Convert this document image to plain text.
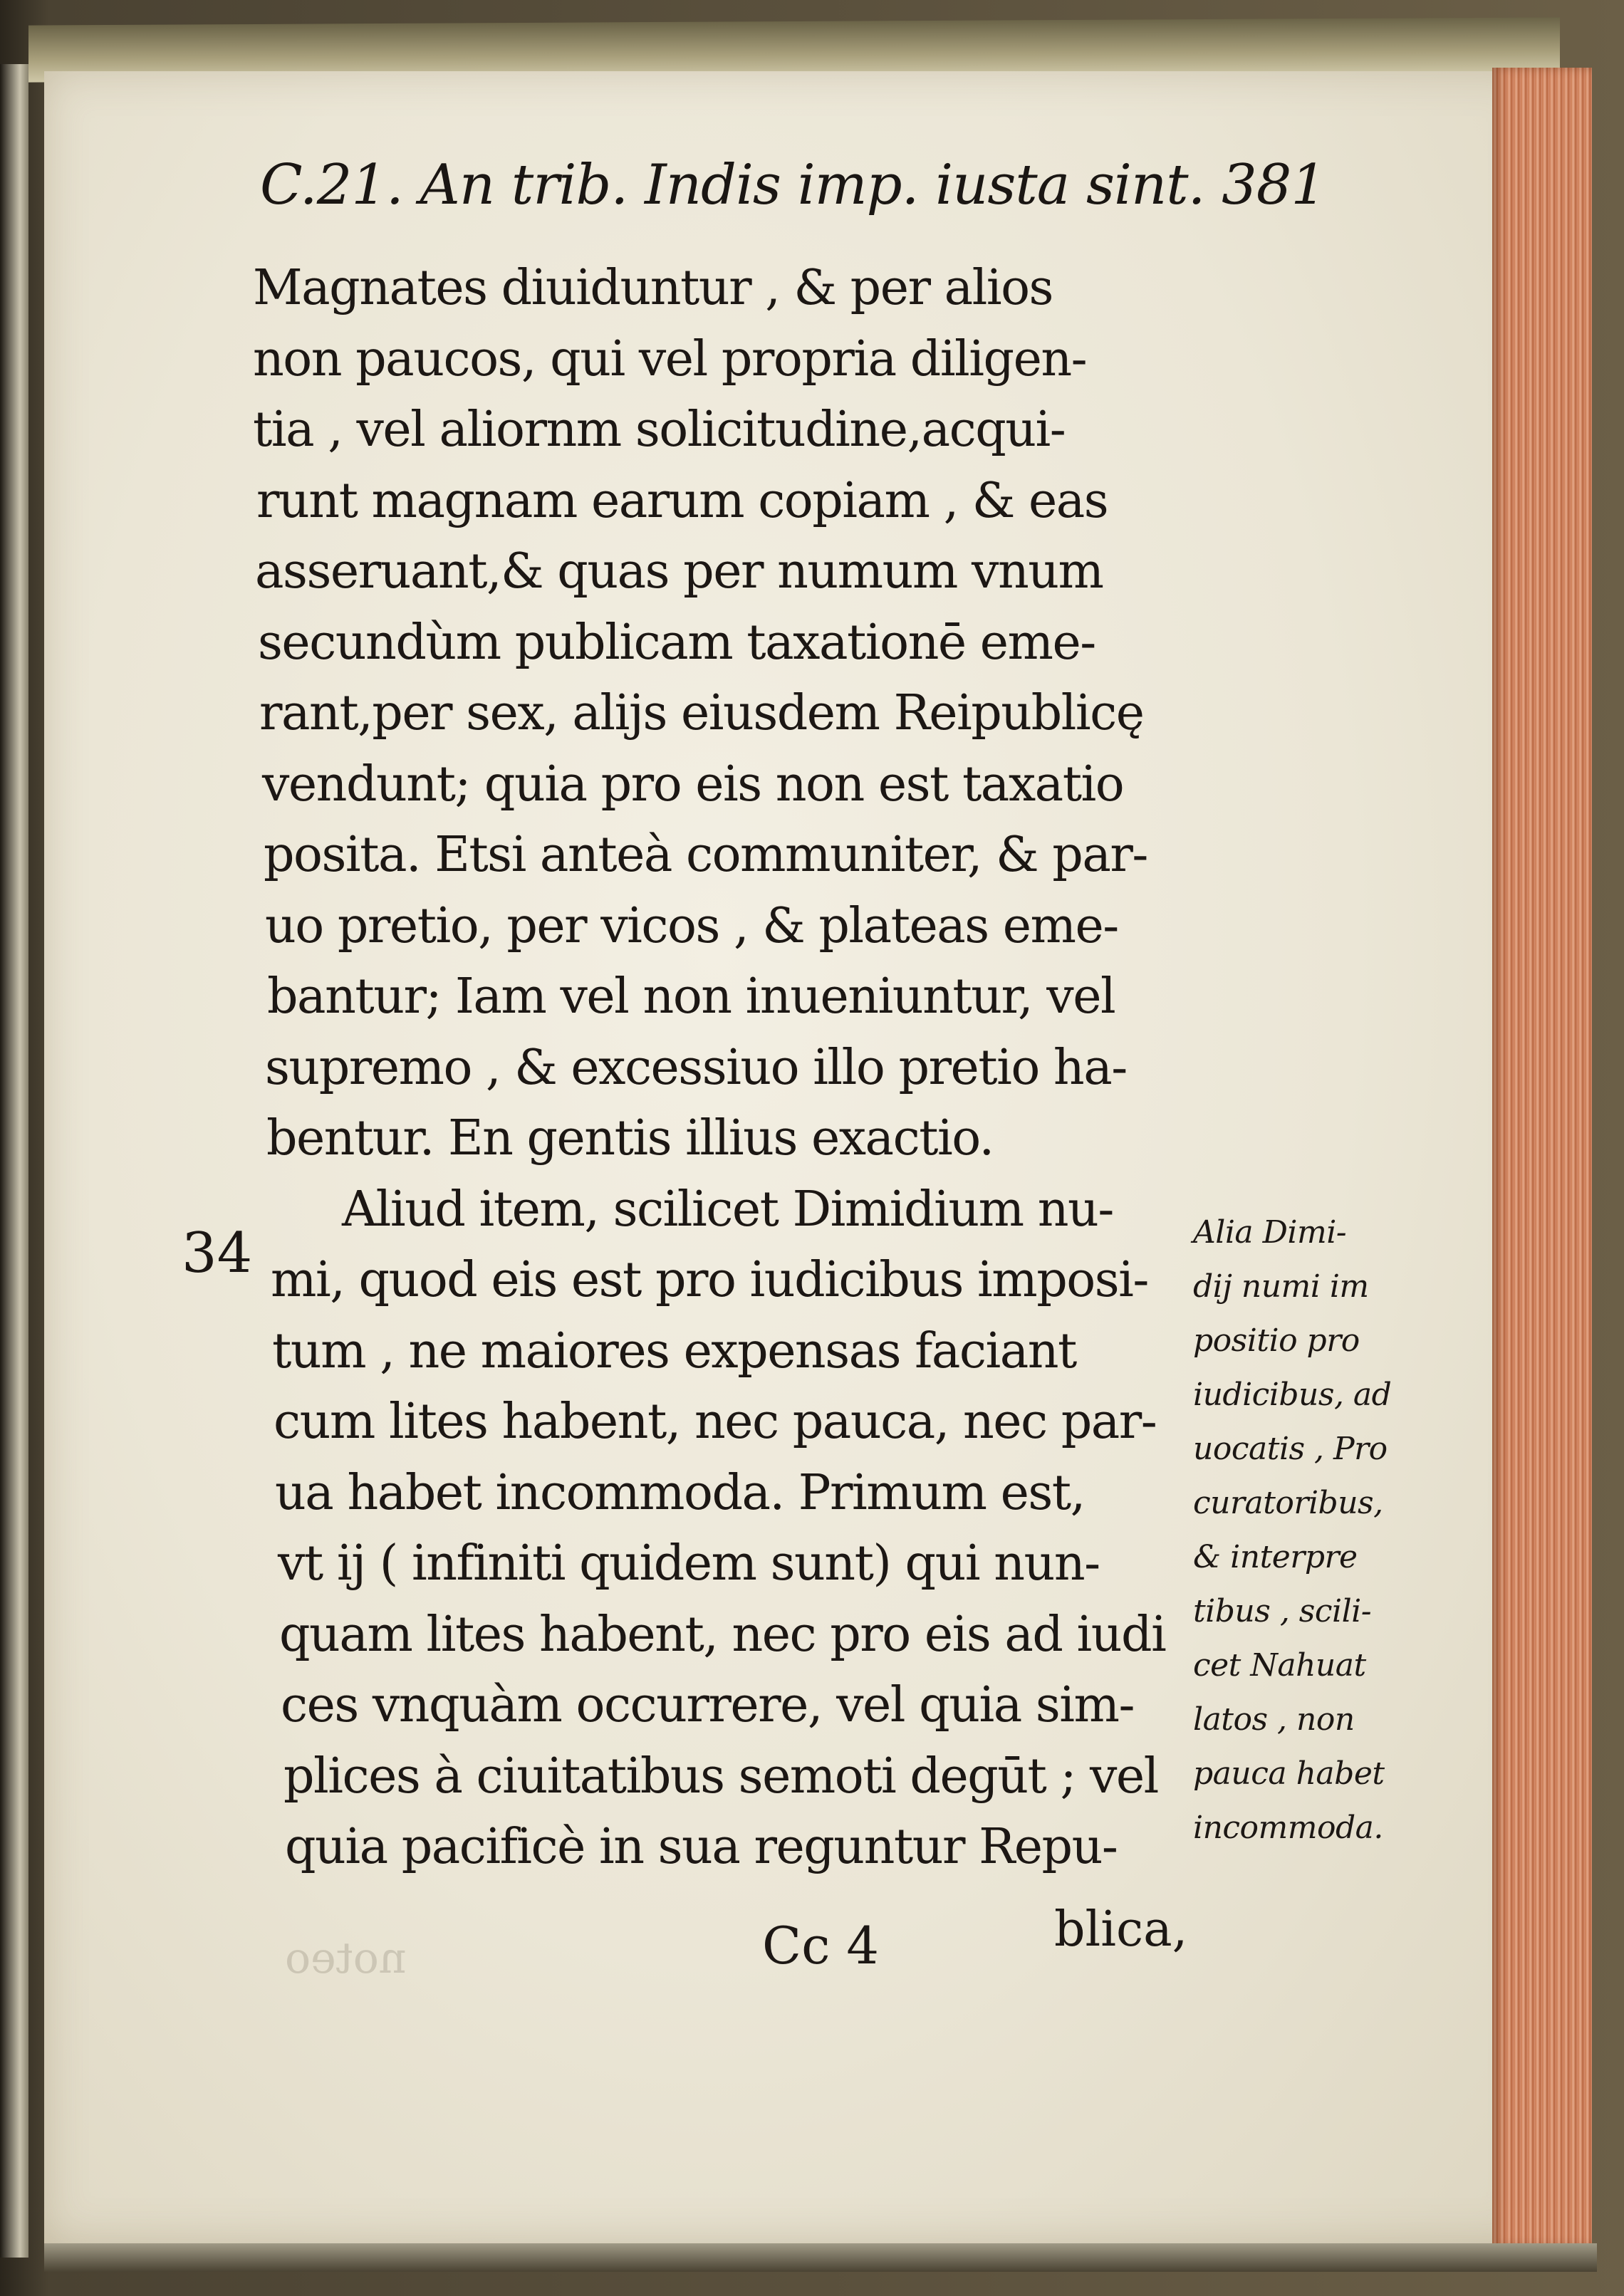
C.21. An trib. Indis imp. iusta sint. 381
Magnates diuiduntur , & per alios
non paucos, qui vel propria diligen-
tia , vel aliornm solicitudine,acqui-
runt magnam earum copiam , & eas
asseruant,& quas per numum vnum
secundùm publicam taxationē eme-
rant,per sex, alijs eiusdem Reipublicę
vendunt; quia pro eis non est taxatio
posita. Etsi anteà communiter, & par-
uo pretio, per vicos , & plateas eme-
bantur; Iam vel non inueniuntur, vel
supremo , & excessiuo illo pretio ha-
bentur. En gentis illius exactio.
Aliud item, scilicet Dimidium nu-
mi, quod eis est pro iudicibus imposi-
tum , ne maiores expensas faciant
cum lites habent, nec pauca, nec par-
ua habet incommoda. Primum est,
vt ij ( infiniti quidem sunt) qui nun-
quam lites habent, nec pro eis ad iudi
ces vnquàm occurrere, vel quia sim-
plices à ciuitatibus semoti degūt ; vel
quia pacificè in sua reguntur Repu-
34	Alia Dimi-
dij numi im
positio pro
iudicibus, ad
uocatis , Pro
curatoribus,
& interpre
tibus , scili-
cet Nahuat
latos , non
pauca habet
incommoda.
noteo	Cc 4	blica,
